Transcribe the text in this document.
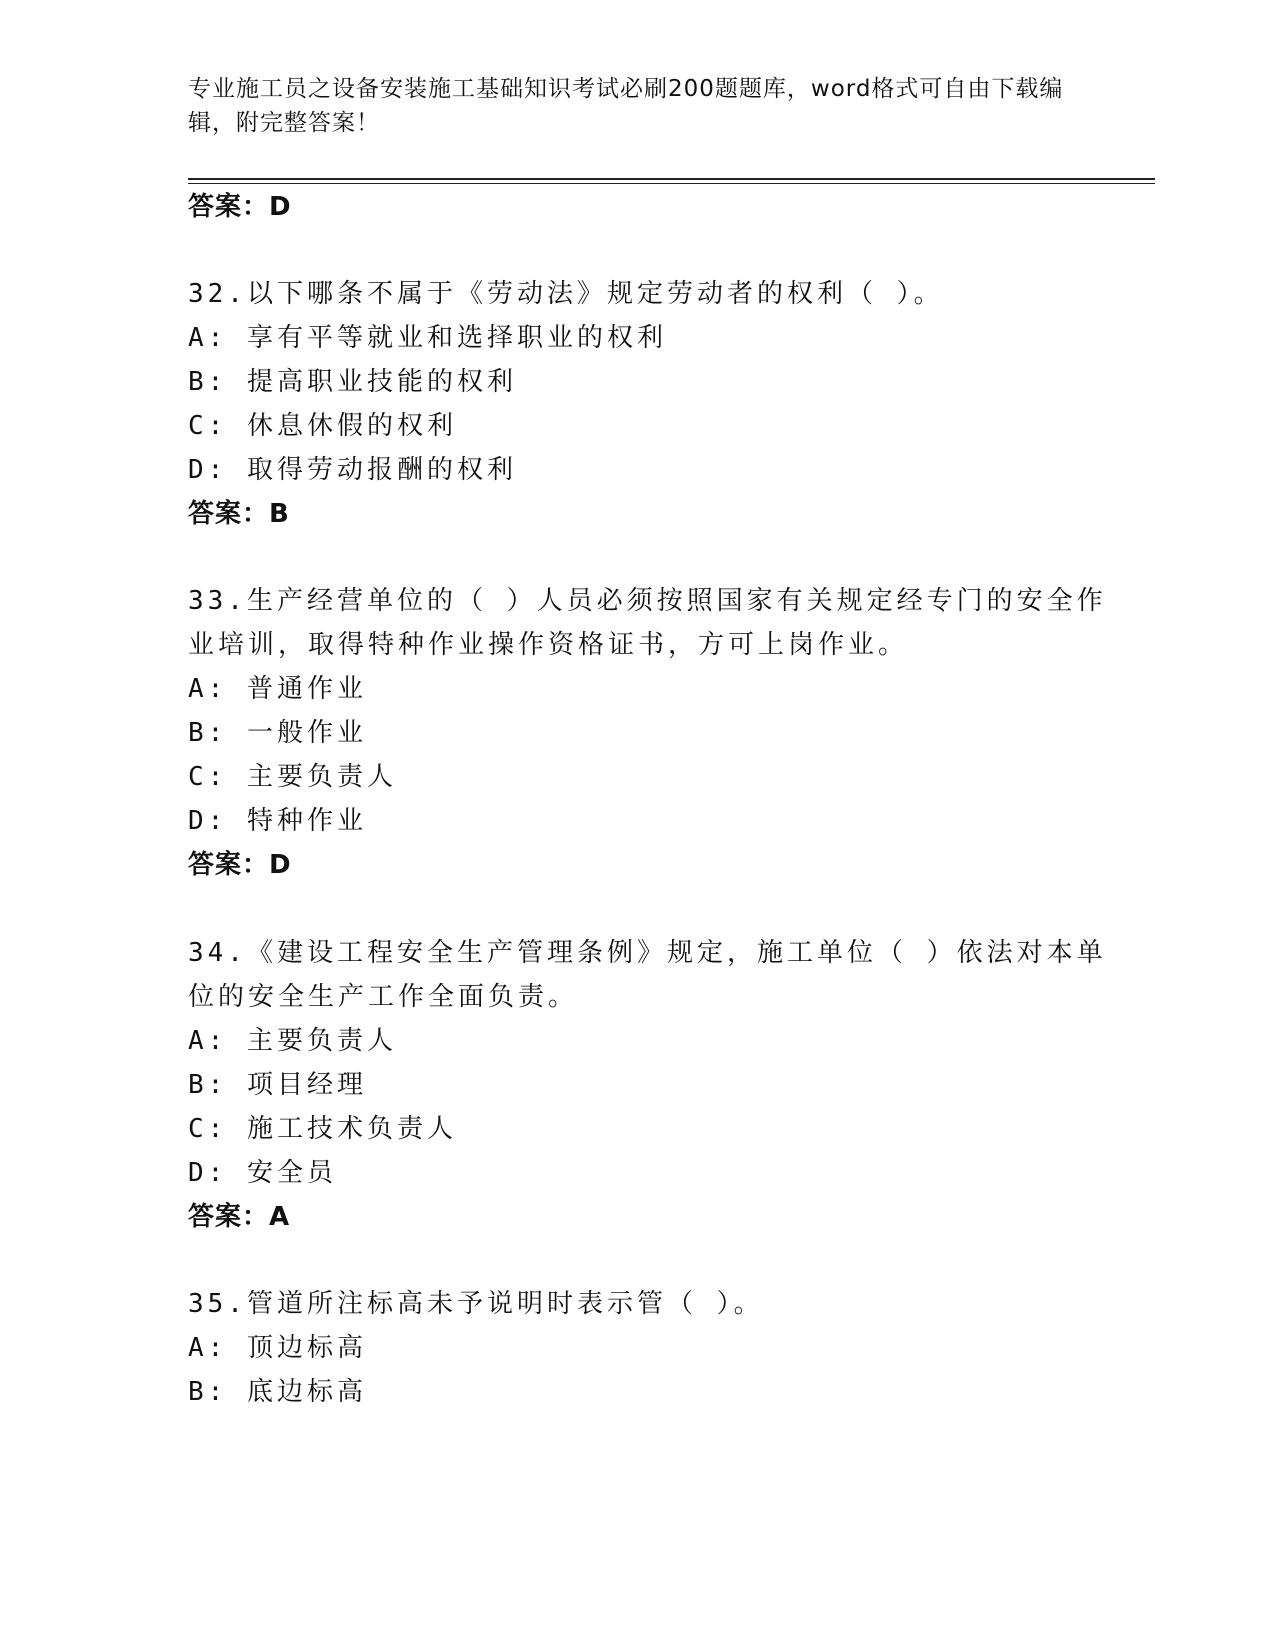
专业施工员之设备安装施工基础知识考试必刷200题题库，word格式可自由下载编辑，附完整答案！
答案：D
32.以下哪条不属于《劳动法》规定劳动者的权利（ ）。
A: 享有平等就业和选择职业的权利
B: 提高职业技能的权利
C: 休息休假的权利
D: 取得劳动报酬的权利
答案：B
33.生产经营单位的（ ）人员必须按照国家有关规定经专门的安全作
业培训，取得特种作业操作资格证书，方可上岗作业。
A: 普通作业
B: 一般作业
C: 主要负责人
D: 特种作业
答案：D
34.《建设工程安全生产管理条例》规定，施工单位（ ）依法对本单
位的安全生产工作全面负责。
A: 主要负责人
B: 项目经理
C: 施工技术负责人
D: 安全员
答案：A
35.管道所注标高未予说明时表示管（ ）。
A: 顶边标高
B: 底边标高
